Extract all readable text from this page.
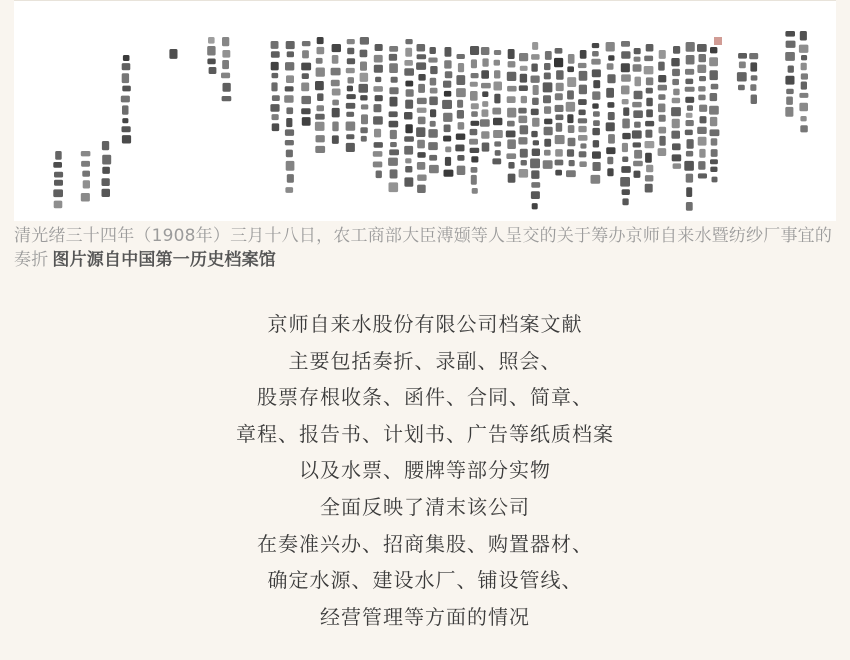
清光绪三十四年（1908年）三月十八日，农工商部大臣溥颋等人呈交的关于筹办京师自来水暨纺纱厂事宜的奏折 图片源自中国第一历史档案馆
京师自来水股份有限公司档案文献
主要包括奏折、录副、照会、
股票存根收条、函件、合同、简章、
章程、报告书、计划书、广告等纸质档案
以及水票、腰牌等部分实物
全面反映了清末该公司
在奏准兴办、招商集股、购置器材、
确定水源、建设水厂、铺设管线、
经营管理等方面的情况
